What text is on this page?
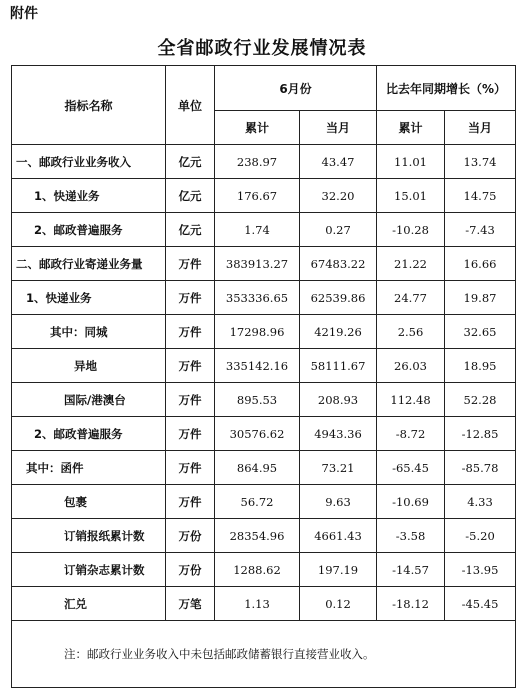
附件
全省邮政行业发展情况表
指标名称	单位	6月份		比去年同期增长（%）	
		累计	当月	累计	当月
一、邮政行业业务收入	亿元	238.97	43.47	11.01	13.74
1、快递业务	亿元	176.67	32.20	15.01	14.75
2、邮政普遍服务	亿元	1.74	0.27	-10.28	-7.43
二、邮政行业寄递业务量	万件	383913.27	67483.22	21.22	16.66
1、快递业务	万件	353336.65	62539.86	24.77	19.87
其中：同城	万件	17298.96	4219.26	2.56	32.65
异地	万件	335142.16	58111.67	26.03	18.95
国际/港澳台	万件	895.53	208.93	112.48	52.28
2、邮政普遍服务	万件	30576.62	4943.36	-8.72	-12.85
其中：函件	万件	864.95	73.21	-65.45	-85.78
包裹	万件	56.72	9.63	-10.69	4.33
订销报纸累计数	万份	28354.96	4661.43	-3.58	-5.20
订销杂志累计数	万份	1288.62	197.19	-14.57	-13.95
汇兑	万笔	1.13	0.12	-18.12	-45.45
注：邮政行业业务收入中未包括邮政储蓄银行直接营业收入。					
